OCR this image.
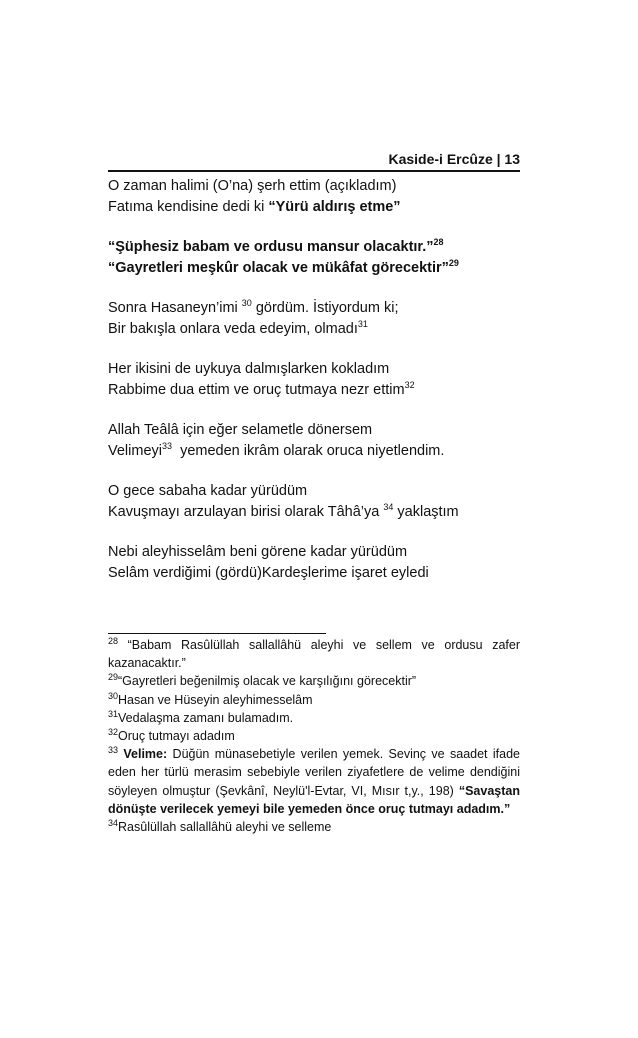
Kaside-i Ercûze | 13
O zaman halimi (O’na) şerh ettim (açıkladım)
Fatıma kendisine dedi ki “Yürü aldırış etme”
“Şüphesiz babam ve ordusu mansur olacaktır.”$^{28}$
“Gayretleri meşkûr olacak ve mükâfat görecektir”$^{29}$
Sonra Hasaneyn’imi $^{30}$ gördüm. İstiyordum ki;
Bir bakışla onlara veda edeyim, olmadı$^{31}$
Her ikisini de uykuya dalmışlarken kokladım
Rabbime dua ettim ve oruç tutmaya nezr ettim$^{32}$
Allah Teâlâ için eğer selametle dönersem
Velimeyi$^{33}$  yemeden ikrâm olarak oruca niyetlendim.
O gece sabaha kadar yürüdüm
Kavuşmayı arzulayan birisi olarak Tâhâ’ya $^{34}$ yaklaştım
Nebi aleyhisselâm beni görene kadar yürüdüm
Selâm verdiğimi (gördü)Kardeşlerime işaret eyledi
$^{28}$ “Babam Rasûlüllah sallallâhü aleyhi ve sellem ve ordusu zafer kazanacaktır.”
$^{29}$“Gayretleri beğenilmiş olacak ve karşılığını görecektir”
$^{30}$Hasan ve Hüseyin aleyhimesselâm
$^{31}$Vedalaşma zamanı bulamadım.
$^{32}$Oruç tutmayı adadım
$^{33}$ Velime: Düğün münasebetiyle verilen yemek. Sevinç ve saadet ifade eden her türlü merasim sebebiyle verilen ziyafetlere de velime dendiğini söyleyen olmuştur (Şevkânî, Neylü'l-Evtar, VI, Mısır t,y., 198) “Savaştan dönüşte verilecek yemeyi bile yemeden önce oruç tutmayı adadım.”
$^{34}$Rasûlüllah sallallâhü aleyhi ve selleme
